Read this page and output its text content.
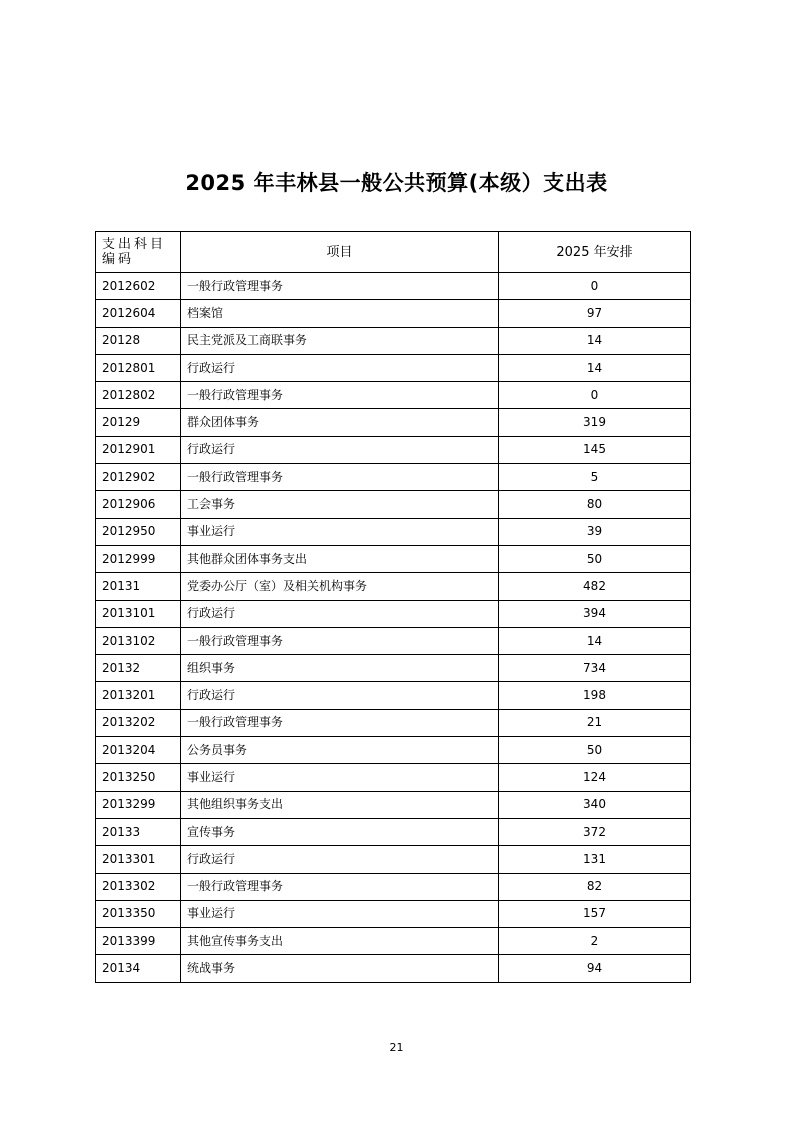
2025 年丰林县一般公共预算(本级）支出表
支出科目编码	项目	2025 年安排
2012602	一般行政管理事务	0
2012604	档案馆	97
20128	民主党派及工商联事务	14
2012801	行政运行	14
2012802	一般行政管理事务	0
20129	群众团体事务	319
2012901	行政运行	145
2012902	一般行政管理事务	5
2012906	工会事务	80
2012950	事业运行	39
2012999	其他群众团体事务支出	50
20131	党委办公厅（室）及相关机构事务	482
2013101	行政运行	394
2013102	一般行政管理事务	14
20132	组织事务	734
2013201	行政运行	198
2013202	一般行政管理事务	21
2013204	公务员事务	50
2013250	事业运行	124
2013299	其他组织事务支出	340
20133	宣传事务	372
2013301	行政运行	131
2013302	一般行政管理事务	82
2013350	事业运行	157
2013399	其他宣传事务支出	2
20134	统战事务	94
21
